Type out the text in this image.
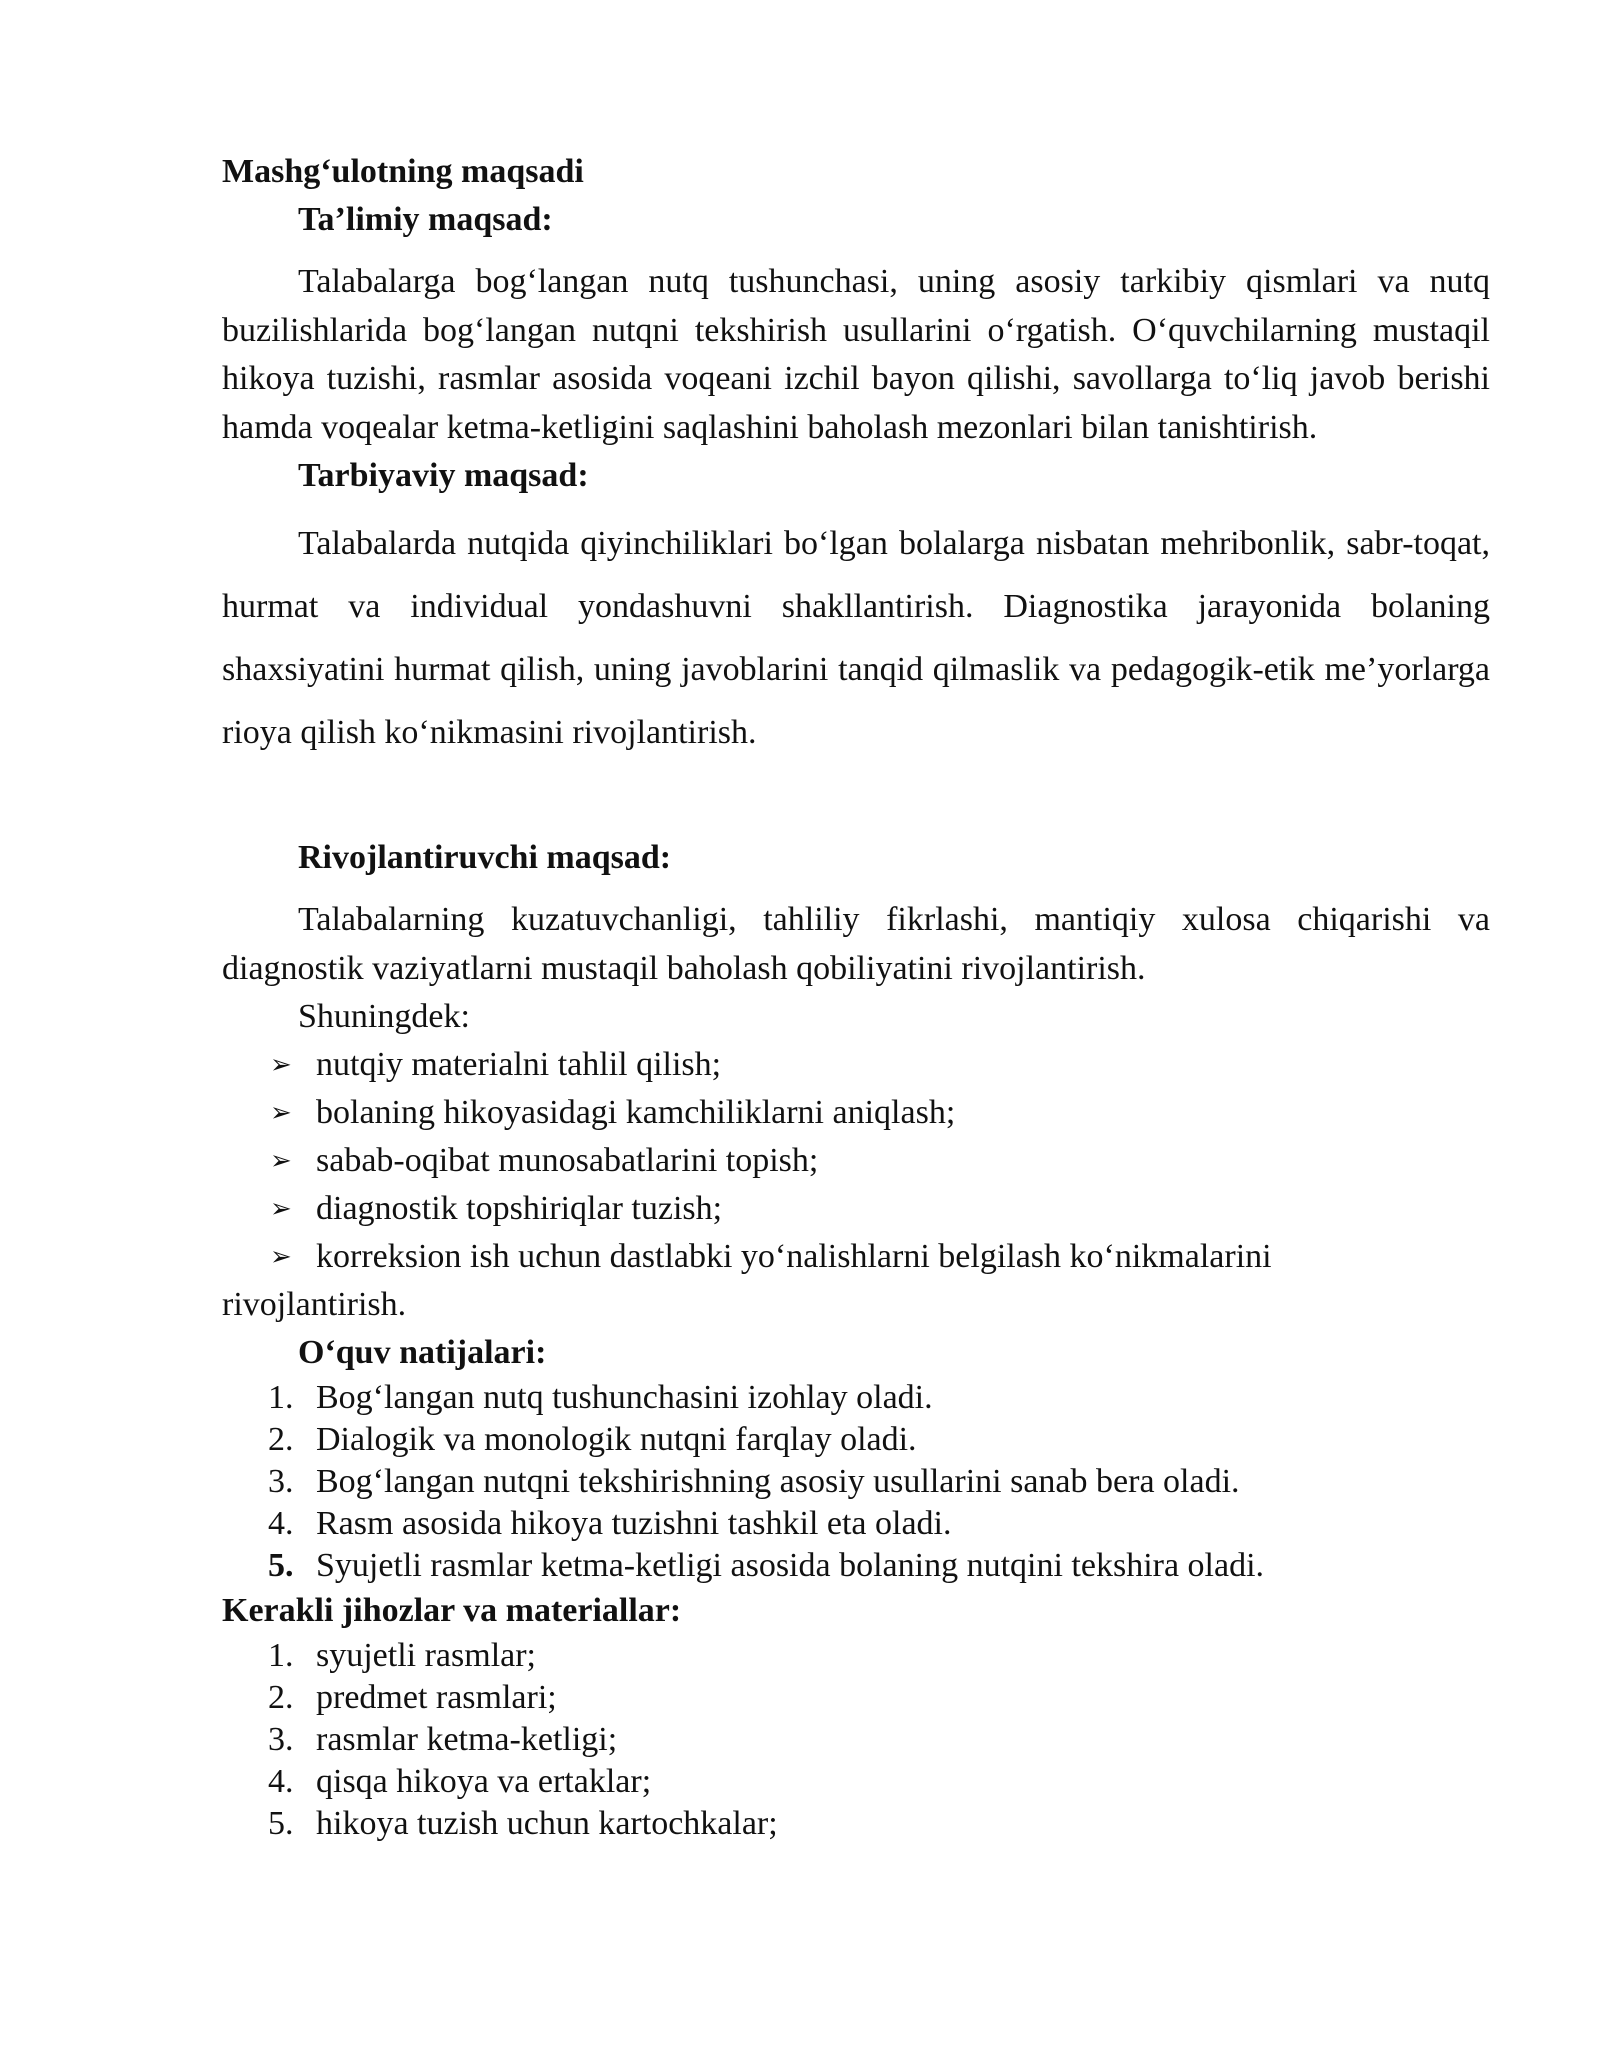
Mashg‘ulotning maqsadi

Ta’limiy maqsad:

Talabalarga bog‘langan nutq tushunchasi, uning asosiy tarkibiy qismlari va nutq buzilishlarida bog‘langan nutqni tekshirish usullarini o‘rgatish. O‘quvchilarning mustaqil hikoya tuzishi, rasmlar asosida voqeani izchil bayon qilishi, savollarga to‘liq javob berishi hamda voqealar ketma-ketligini saqlashini baholash mezonlari bilan tanishtirish.

Tarbiyaviy maqsad:

Talabalarda nutqida qiyinchiliklari bo‘lgan bolalarga nisbatan mehribonlik, sabr-toqat, hurmat va individual yondashuvni shakllantirish. Diagnostika jarayonida bolaning shaxsiyatini hurmat qilish, uning javoblarini tanqid qilmaslik va pedagogik-etik me’yorlarga rioya qilish ko‘nikmasini rivojlantirish.

Rivojlantiruvchi maqsad:

Talabalarning kuzatuvchanligi, tahliliy fikrlashi, mantiqiy xulosa chiqarishi va diagnostik vaziyatlarni mustaqil baholash qobiliyatini rivojlantirish.

Shuningdek:

➢ nutqiy materialni tahlil qilish;
➢ bolaning hikoyasidagi kamchiliklarni aniqlash;
➢ sabab-oqibat munosabatlarini topish;
➢ diagnostik topshiriqlar tuzish;
➢ korreksion ish uchun dastlabki yo‘nalishlarni belgilash ko‘nikmalarini

rivojlantirish.

O‘quv natijalari:

1. Bog‘langan nutq tushunchasini izohlay oladi.
2. Dialogik va monologik nutqni farqlay oladi.
3. Bog‘langan nutqni tekshirishning asosiy usullarini sanab bera oladi.
4. Rasm asosida hikoya tuzishni tashkil eta oladi.
5. Syujetli rasmlar ketma-ketligi asosida bolaning nutqini tekshira oladi.

Kerakli jihozlar va materiallar:

1. syujetli rasmlar;
2. predmet rasmlari;
3. rasmlar ketma-ketligi;
4. qisqa hikoya va ertaklar;
5. hikoya tuzish uchun kartochkalar;
